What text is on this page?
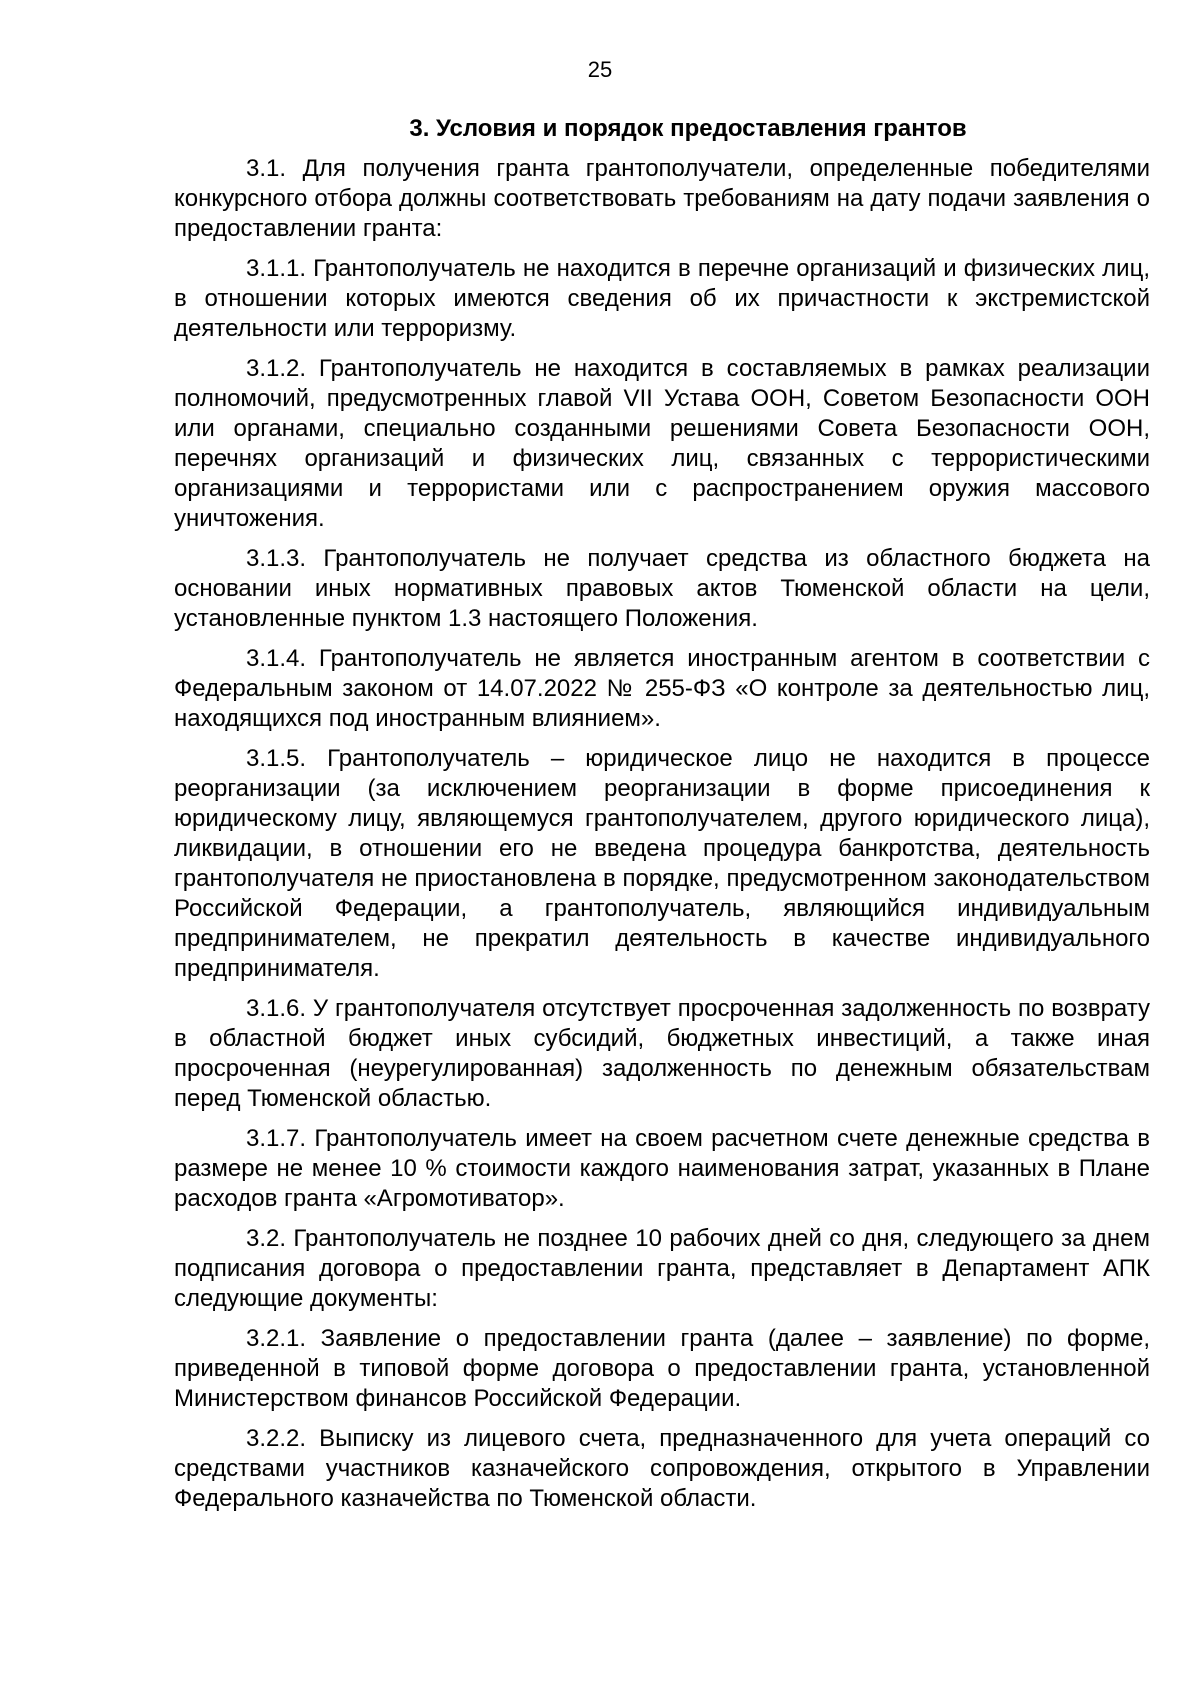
25
3. Условия и порядок предоставления грантов

3.1. Для получения гранта грантополучатели, определенные победителями конкурсного отбора должны соответствовать требованиям на дату подачи заявления о предоставлении гранта:

3.1.1. Грантополучатель не находится в перечне организаций и физических лиц, в отношении которых имеются сведения об их причастности к экстремистской деятельности или терроризму.

3.1.2. Грантополучатель не находится в составляемых в рамках реализации полномочий, предусмотренных главой VII Устава ООН, Советом Безопасности ООН или органами, специально созданными решениями Совета Безопасности ООН, перечнях организаций и физических лиц, связанных с террористическими организациями и террористами или с распространением оружия массового уничтожения.

3.1.3. Грантополучатель не получает средства из областного бюджета на основании иных нормативных правовых актов Тюменской области на цели, установленные пунктом 1.3 настоящего Положения.

3.1.4. Грантополучатель не является иностранным агентом в соответствии с Федеральным законом от 14.07.2022 № 255-ФЗ «О контроле за деятельностью лиц, находящихся под иностранным влиянием».

3.1.5. Грантополучатель – юридическое лицо не находится в процессе реорганизации (за исключением реорганизации в форме присоединения к юридическому лицу, являющемуся грантополучателем, другого юридического лица), ликвидации, в отношении его не введена процедура банкротства, деятельность грантополучателя не приостановлена в порядке, предусмотренном законодательством Российской Федерации, а грантополучатель, являющийся индивидуальным предпринимателем, не прекратил деятельность в качестве индивидуального предпринимателя.

3.1.6. У грантополучателя отсутствует просроченная задолженность по возврату в областной бюджет иных субсидий, бюджетных инвестиций, а также иная просроченная (неурегулированная) задолженность по денежным обязательствам перед Тюменской областью.

3.1.7. Грантополучатель имеет на своем расчетном счете денежные средства в размере не менее 10 % стоимости каждого наименования затрат, указанных в Плане расходов гранта «Агромотиватор».

3.2. Грантополучатель не позднее 10 рабочих дней со дня, следующего за днем подписания договора о предоставлении гранта, представляет в Департамент АПК следующие документы:

3.2.1. Заявление о предоставлении гранта (далее – заявление) по форме, приведенной в типовой форме договора о предоставлении гранта, установленной Министерством финансов Российской Федерации.

3.2.2. Выписку из лицевого счета, предназначенного для учета операций со средствами участников казначейского сопровождения, открытого в Управлении Федерального казначейства по Тюменской области.
